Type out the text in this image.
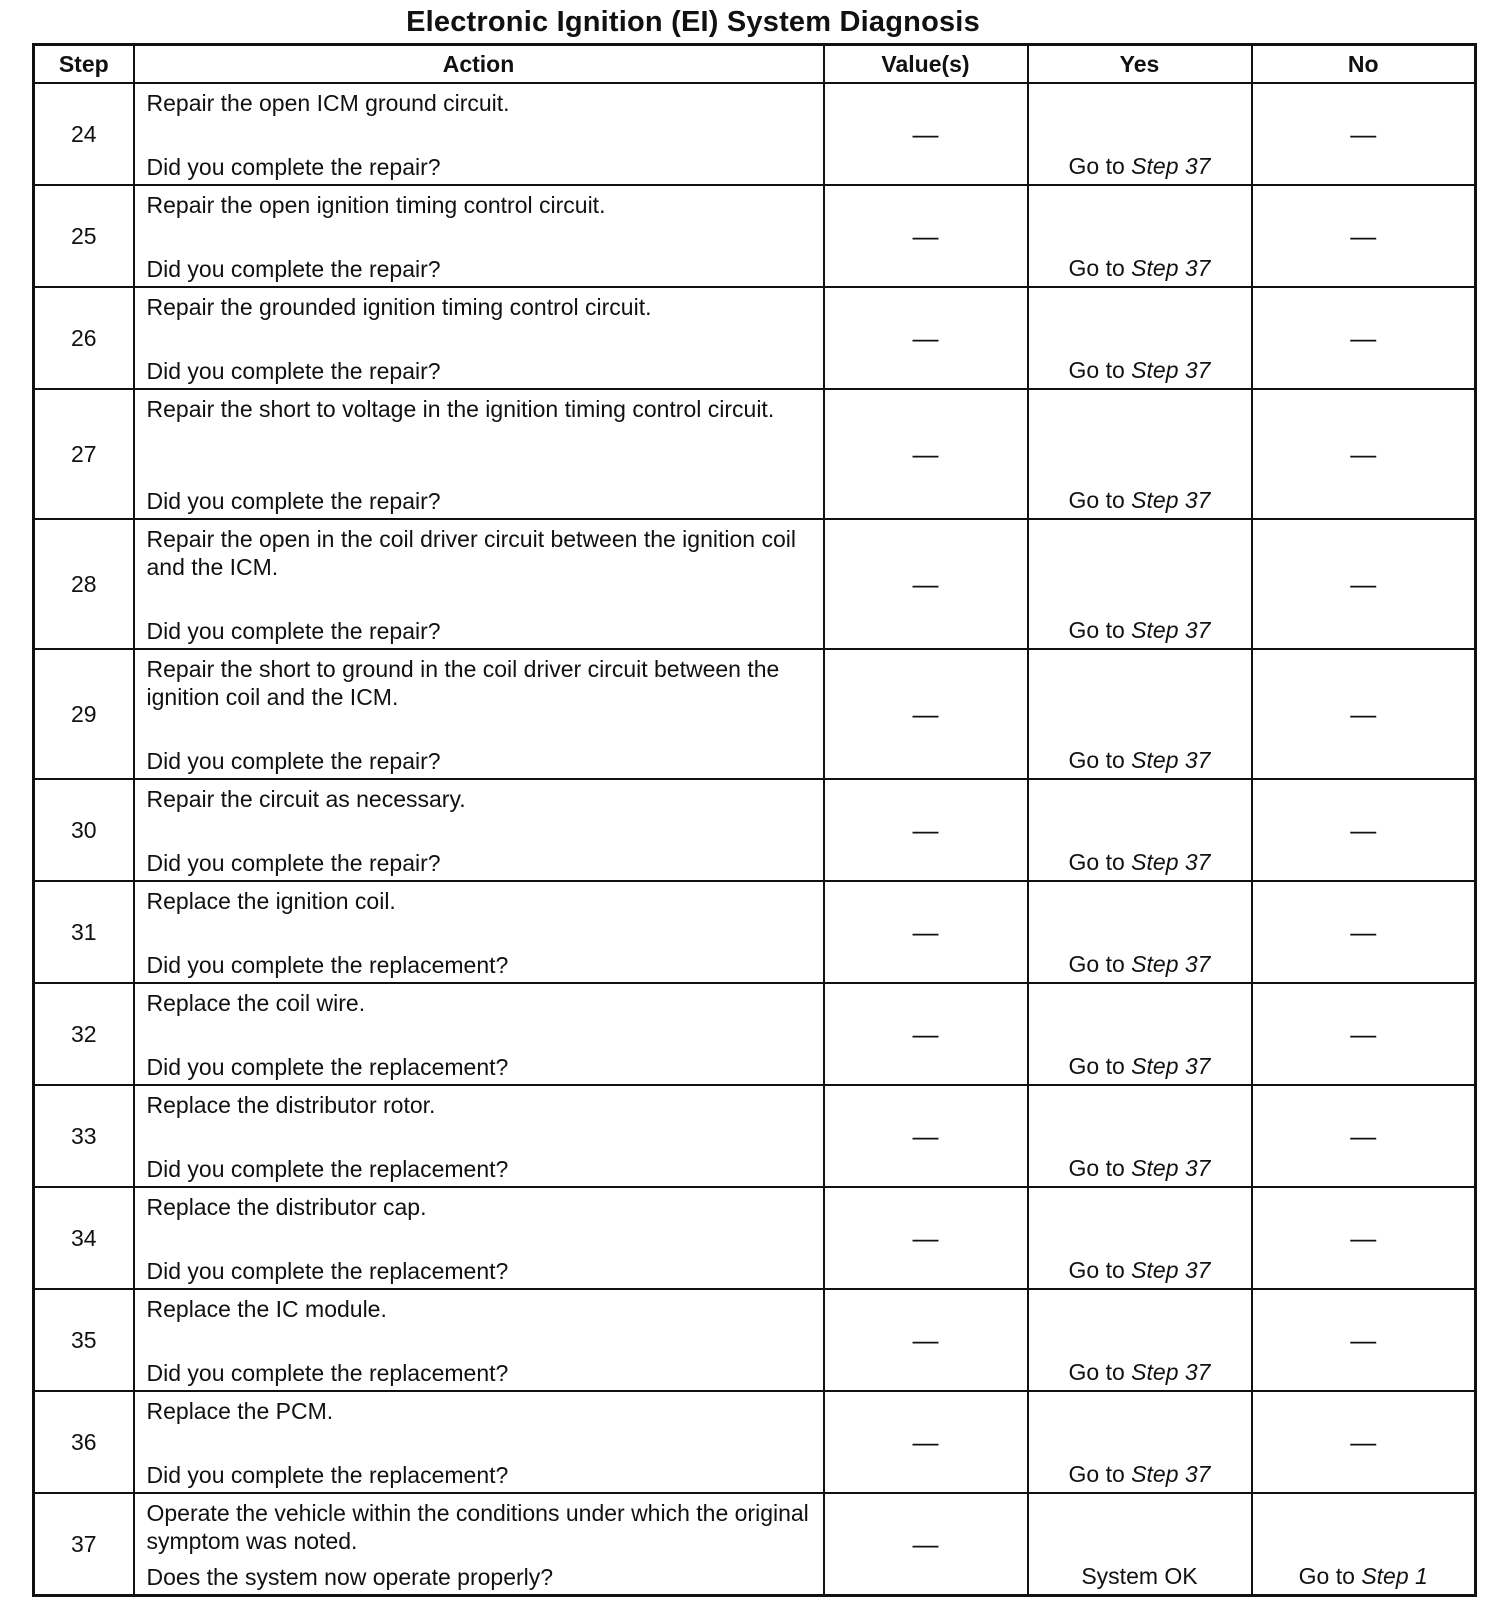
Electronic Ignition (EI) System Diagnosis
Step	Action	Value(s)	Yes	No
24	Repair the open ICM ground circuit.
Did you complete the repair?	—	Go to Step 37	—
25	Repair the open ignition timing control circuit.
Did you complete the repair?	—	Go to Step 37	—
26	Repair the grounded ignition timing control circuit.
Did you complete the repair?	—	Go to Step 37	—
27	Repair the short to voltage in the ignition timing control circuit.
Did you complete the repair?	—	Go to Step 37	—
28	Repair the open in the coil driver circuit between the ignition coil and the ICM.
Did you complete the repair?	—	Go to Step 37	—
29	Repair the short to ground in the coil driver circuit between the ignition coil and the ICM.
Did you complete the repair?	—	Go to Step 37	—
30	Repair the circuit as necessary.
Did you complete the repair?	—	Go to Step 37	—
31	Replace the ignition coil.
Did you complete the replacement?	—	Go to Step 37	—
32	Replace the coil wire.
Did you complete the replacement?	—	Go to Step 37	—
33	Replace the distributor rotor.
Did you complete the replacement?	—	Go to Step 37	—
34	Replace the distributor cap.
Did you complete the replacement?	—	Go to Step 37	—
35	Replace the IC module.
Did you complete the replacement?	—	Go to Step 37	—
36	Replace the PCM.
Did you complete the replacement?	—	Go to Step 37	—
37	Operate the vehicle within the conditions under which the original symptom was noted.
Does the system now operate properly?	—	System OK	Go to Step 1
